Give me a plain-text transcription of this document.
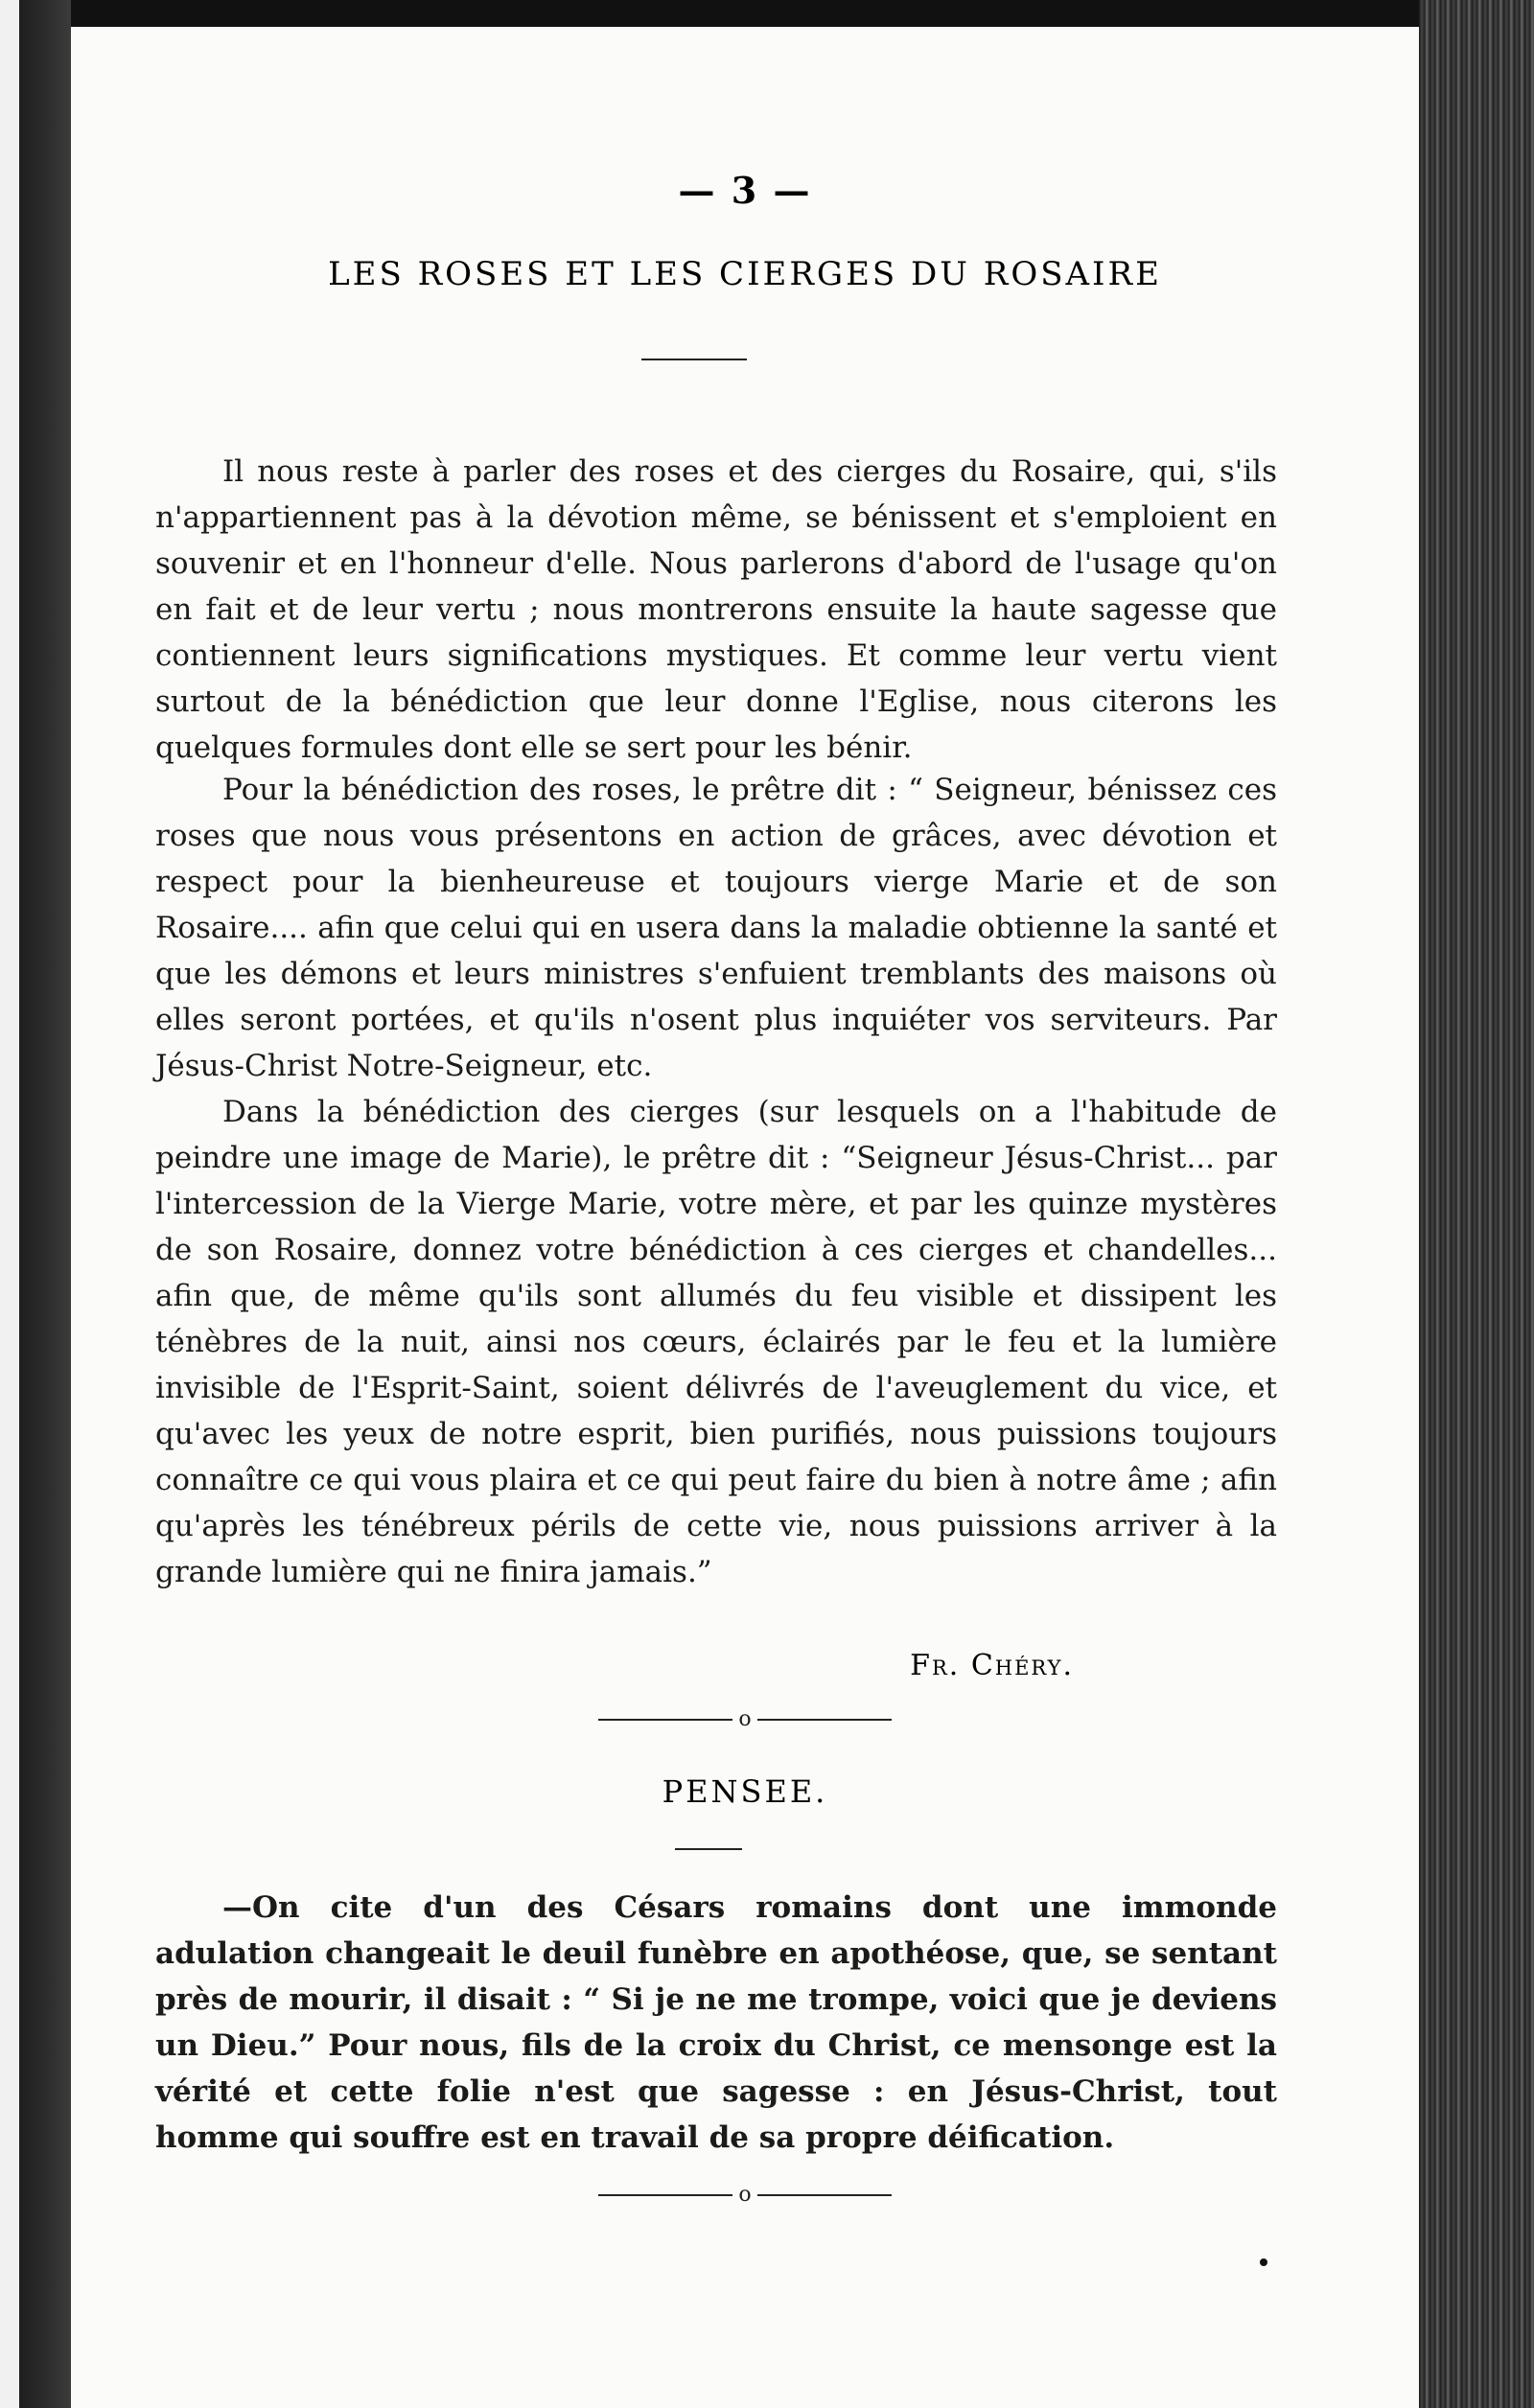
— 3 —
LES ROSES ET LES CIERGES DU ROSAIRE

Il nous reste à parler des roses et des cierges du Rosaire, qui, s'ils n'appartiennent pas à la dévotion même, se bénissent et s'emploient en souvenir et en l'honneur d'elle. Nous parlerons d'abord de l'usage qu'on en fait et de leur vertu ; nous montrerons ensuite la haute sagesse que contiennent leurs significations mystiques. Et comme leur vertu vient surtout de la bénédiction que leur donne l'Eglise, nous citerons les quelques formules dont elle se sert pour les bénir.

Pour la bénédiction des roses, le prêtre dit : “ Seigneur, bénissez ces roses que nous vous présentons en action de grâces, avec dévotion et respect pour la bienheureuse et toujours vierge Marie et de son Rosaire.... afin que celui qui en usera dans la maladie obtienne la santé et que les démons et leurs ministres s'enfuient tremblants des maisons où elles seront portées, et qu'ils n'osent plus inquiéter vos serviteurs. Par Jésus-Christ Notre-Seigneur, etc.

Dans la bénédiction des cierges (sur lesquels on a l'habitude de peindre une image de Marie), le prêtre dit : “Seigneur Jésus-Christ... par l'intercession de la Vierge Marie, votre mère, et par les quinze mystères de son Rosaire, donnez votre bénédiction à ces cierges et chandelles... afin que, de même qu'ils sont allumés du feu visible et dissipent les ténèbres de la nuit, ainsi nos cœurs, éclairés par le feu et la lumière invisible de l'Esprit-Saint, soient délivrés de l'aveuglement du vice, et qu'avec les yeux de notre esprit, bien purifiés, nous puissions toujours connaître ce qui vous plaira et ce qui peut faire du bien à notre âme ; afin qu'après les ténébreux périls de cette vie, nous puissions arriver à la grande lumière qui ne finira jamais.”

Fr. Chéry.
o
PENSEE.

—On cite d'un des Césars romains dont une immonde adulation changeait le deuil funèbre en apothéose, que, se sentant près de mourir, il disait : “ Si je ne me trompe, voici que je deviens un Dieu.” Pour nous, fils de la croix du Christ, ce mensonge est la vérité et cette folie n'est que sagesse : en Jésus-Christ, tout homme qui souffre est en travail de sa propre déification.

o
